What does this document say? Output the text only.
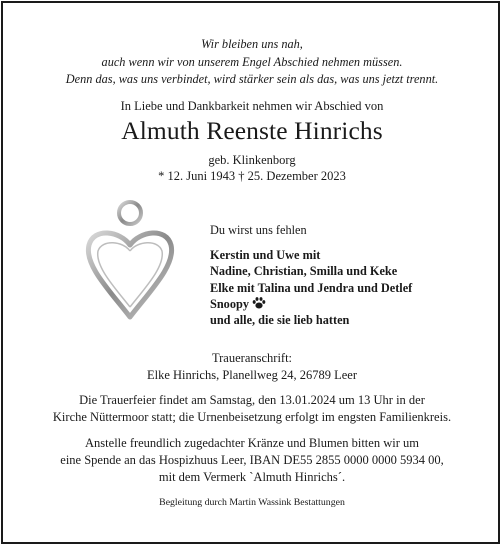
Wir bleiben uns nah,
auch wenn wir von unserem Engel Abschied nehmen müssen.
Denn das, was uns verbindet, wird stärker sein als das, was uns jetzt trennt.
In Liebe und Dankbarkeit nehmen wir Abschied von
Almuth Reenste Hinrichs
geb. Klinkenborg
* 12. Juni 1943 † 25. Dezember 2023
Du wirst uns fehlen
Kerstin und Uwe mit
Nadine, Christian, Smilla und Keke
Elke mit Talina und Jendra und Detlef
Snoopy
und alle, die sie lieb hatten
Traueranschrift:
Elke Hinrichs, Planellweg 24, 26789 Leer
Die Trauerfeier findet am Samstag, den 13.01.2024 um 13 Uhr in der
Kirche Nüttermoor statt; die Urnenbeisetzung erfolgt im engsten Familienkreis.
Anstelle freundlich zugedachter Kränze und Blumen bitten wir um
eine Spende an das Hospizhuus Leer, IBAN DE55 2855 0000 0000 5934 00,
mit dem Vermerk `Almuth Hinrichs´.
Begleitung durch Martin Wassink Bestattungen
